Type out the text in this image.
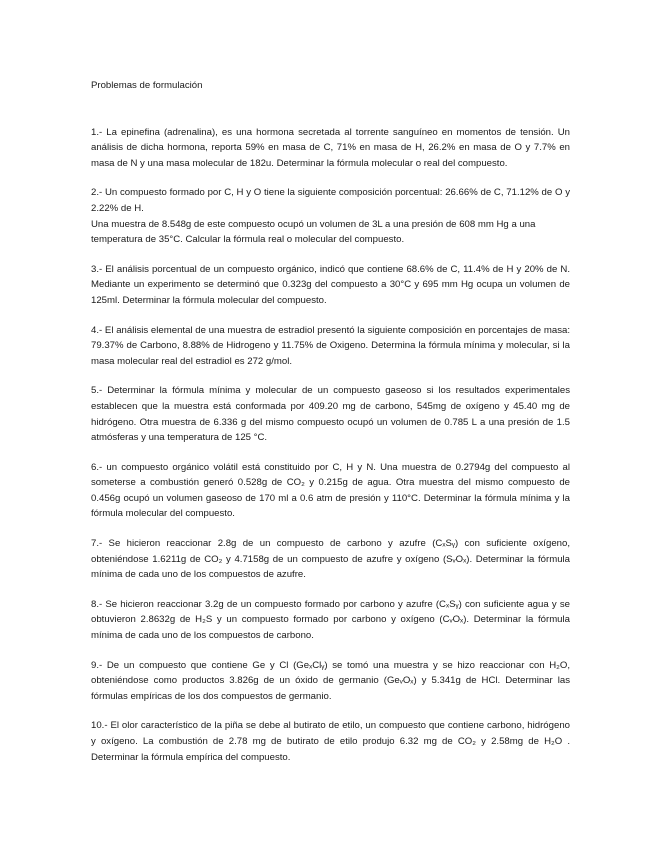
Problemas de formulación

1.- La epinefina (adrenalina), es una hormona secretada al torrente sanguíneo en momentos de tensión. Un análisis de dicha hormona, reporta 59% en masa de C, 71% en masa de H, 26.2% en masa de O y 7.7% en masa de N y una masa molecular de 182u. Determinar la fórmula molecular o real del compuesto.

2.- Un compuesto formado por C, H y O tiene la siguiente composición porcentual: 26.66% de C, 71.12% de O y 2.22% de H.

Una muestra de 8.548g de este compuesto ocupó un volumen de 3L a una presión de 608 mm Hg a una temperatura de 35°C. Calcular la fórmula real o molecular del compuesto.

3.- El análisis porcentual de un compuesto orgánico, indicó que contiene 68.6% de C, 11.4% de H y 20% de N. Mediante un experimento se determinó que 0.323g del compuesto a 30°C y 695 mm Hg ocupa un volumen de 125ml. Determinar la fórmula molecular del compuesto.

4.- El análisis elemental de una muestra de estradiol presentó la siguiente composición en porcentajes de masa: 79.37% de Carbono, 8.88% de Hidrogeno y 11.75% de Oxigeno. Determina la fórmula mínima y molecular, si la masa molecular real del estradiol es 272 g/mol.

5.- Determinar la fórmula mínima y molecular de un compuesto gaseoso si los resultados experimentales establecen que la muestra está conformada por 409.20 mg de carbono, 545mg de oxígeno y 45.40 mg de hidrógeno. Otra muestra de 6.336 g del mismo compuesto ocupó un volumen de 0.785 L a una presión de 1.5 atmósferas y una temperatura de 125 °C.

6.- un compuesto orgánico volátil está constituido por C, H y N. Una muestra de 0.2794g del compuesto al someterse a combustión generó 0.528g de CO₂ y 0.215g de agua. Otra muestra del mismo compuesto de 0.456g ocupó un volumen gaseoso de 170 ml a 0.6 atm de presión y 110°C. Determinar la fórmula mínima y la fórmula molecular del compuesto.

7.- Se hicieron reaccionar 2.8g de un compuesto de carbono y azufre (CₓSᵧ) con suficiente oxígeno, obteniéndose 1.6211g de CO₂ y 4.7158g de un compuesto de azufre y oxígeno (SᵥOₓ). Determinar la fórmula mínima de cada uno de los compuestos de azufre.

8.- Se hicieron reaccionar 3.2g de un compuesto formado por carbono y azufre (CₓSᵧ) con suficiente agua y se obtuvieron 2.8632g de H₂S y un compuesto formado por carbono y oxígeno (CᵥOₓ). Determinar la fórmula mínima de cada uno de los compuestos de carbono.

9.- De un compuesto que contiene Ge y Cl (GeₓClᵧ) se tomó una muestra y se hizo reaccionar con H₂O, obteniéndose como productos 3.826g de un óxido de germanio (GeᵥOₓ) y 5.341g de HCl. Determinar las fórmulas empíricas de los dos compuestos de germanio.

10.- El olor característico de la piña se debe al butirato de etilo, un compuesto que contiene carbono, hidrógeno y oxígeno. La combustión de 2.78 mg de butirato de etilo produjo 6.32 mg de CO₂ y 2.58mg de H₂O . Determinar la fórmula empírica del compuesto.
